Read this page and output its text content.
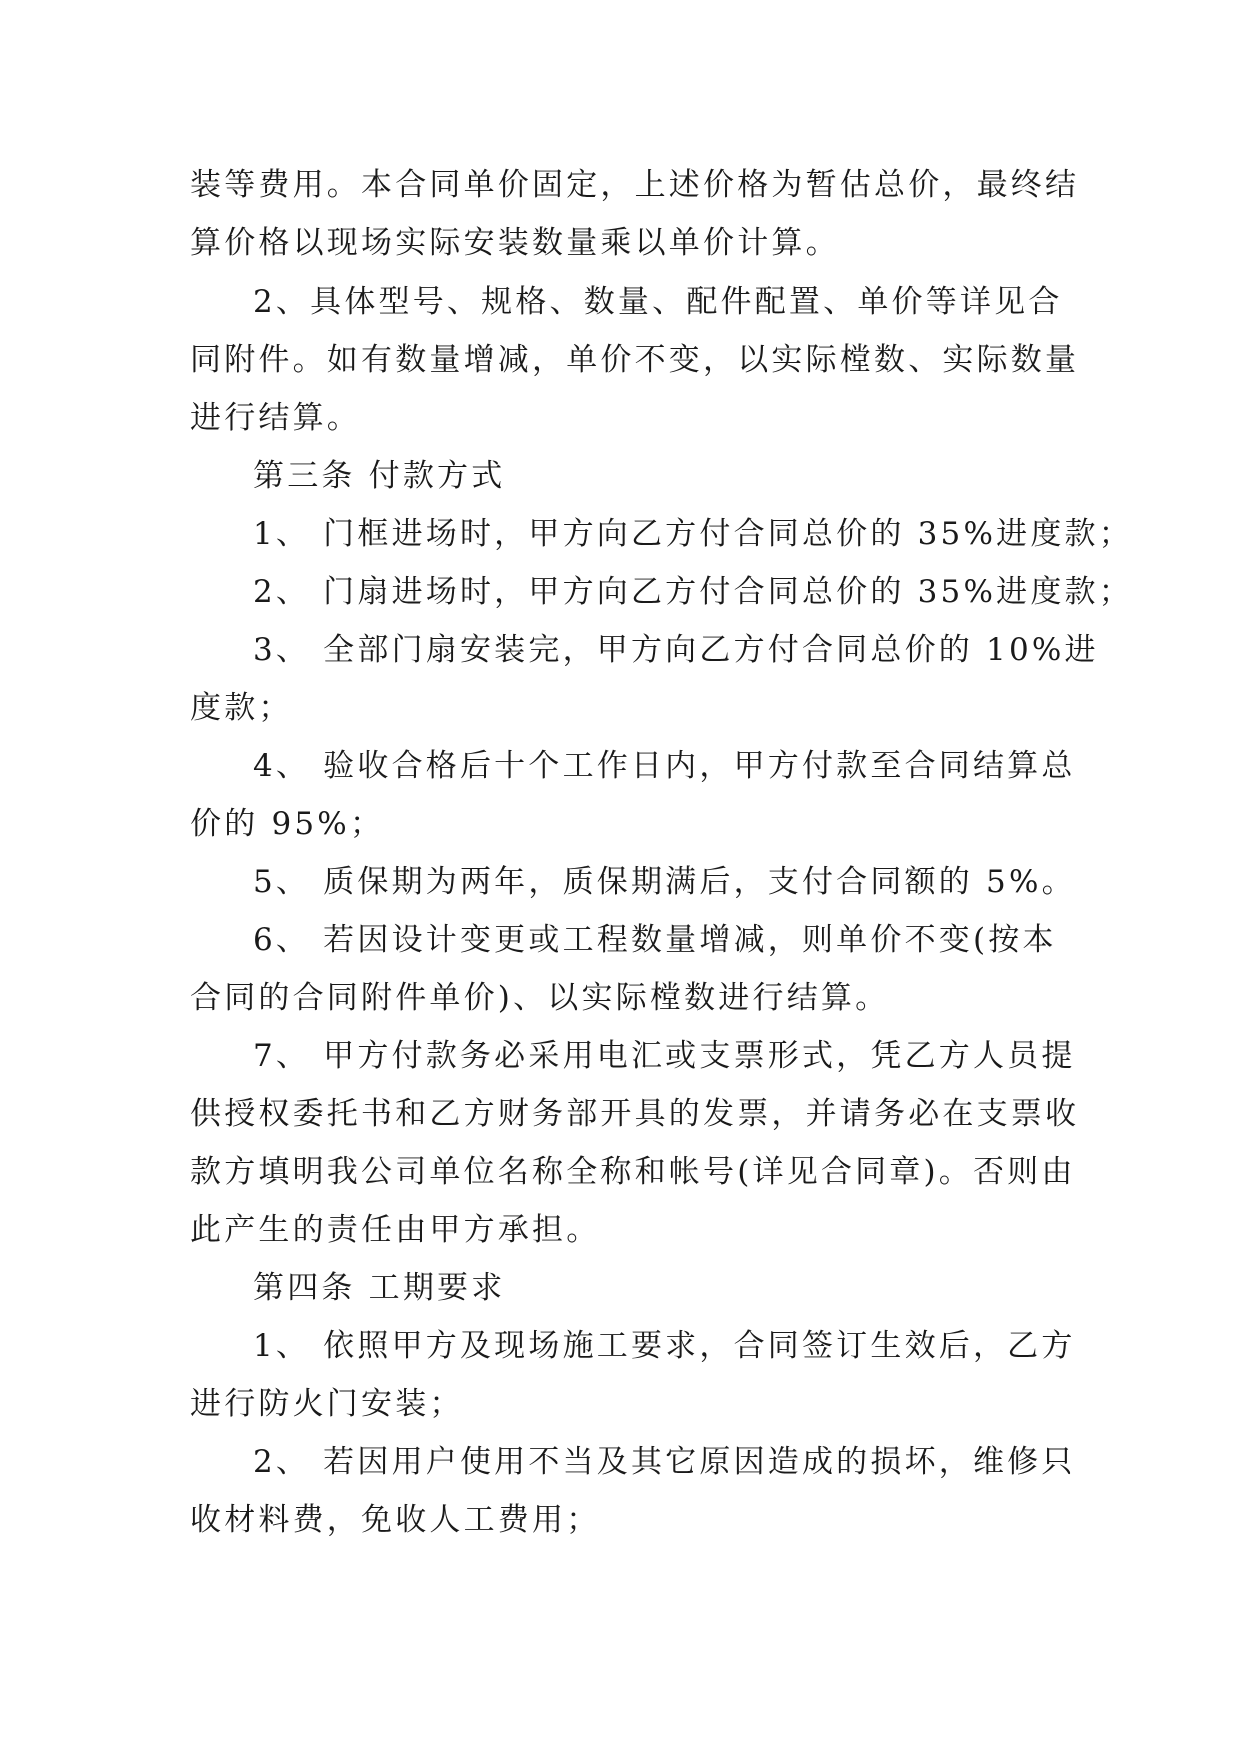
装等费用。本合同单价固定，上述价格为暂估总价，最终结
算价格以现场实际安装数量乘以单价计算。
2、具体型号、规格、数量、配件配置、单价等详见合
同附件。如有数量增减，单价不变，以实际樘数、实际数量
进行结算。
第三条 付款方式
1、 门框进场时，甲方向乙方付合同总价的 35%进度款；
2、 门扇进场时，甲方向乙方付合同总价的 35%进度款；
3、 全部门扇安装完，甲方向乙方付合同总价的 10%进
度款；
4、 验收合格后十个工作日内，甲方付款至合同结算总
价的 95%；
5、 质保期为两年，质保期满后，支付合同额的 5%。
6、 若因设计变更或工程数量增减，则单价不变(按本
合同的合同附件单价)、以实际樘数进行结算。
7、 甲方付款务必采用电汇或支票形式，凭乙方人员提
供授权委托书和乙方财务部开具的发票，并请务必在支票收
款方填明我公司单位名称全称和帐号(详见合同章)。否则由
此产生的责任由甲方承担。
第四条 工期要求
1、 依照甲方及现场施工要求，合同签订生效后，乙方
进行防火门安装；
2、 若因用户使用不当及其它原因造成的损坏，维修只
收材料费，免收人工费用；
